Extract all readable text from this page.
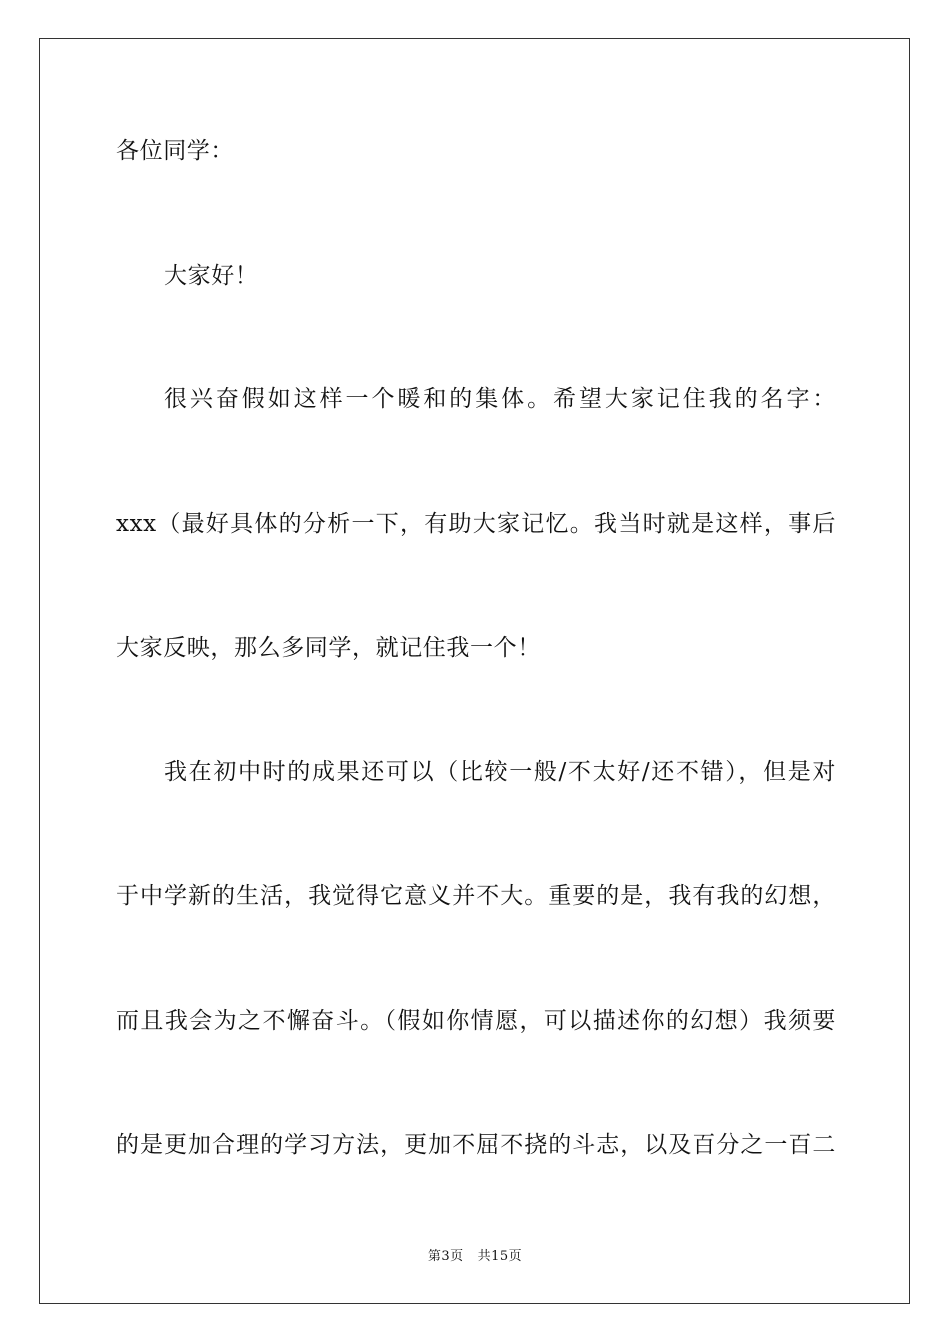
各位同学：
大家好！
很兴奋假如这样一个暖和的集体。希望大家记住我的名字：
xxx（最好具体的分析一下，有助大家记忆。我当时就是这样，事后
大家反映，那么多同学，就记住我一个！
我在初中时的成果还可以（比较一般/不太好/还不错），但是对
于中学新的生活，我觉得它意义并不大。重要的是，我有我的幻想，
而且我会为之不懈奋斗。（假如你情愿，可以描述你的幻想）我须要
的是更加合理的学习方法，更加不屈不挠的斗志，以及百分之一百二
第3页 共15页
